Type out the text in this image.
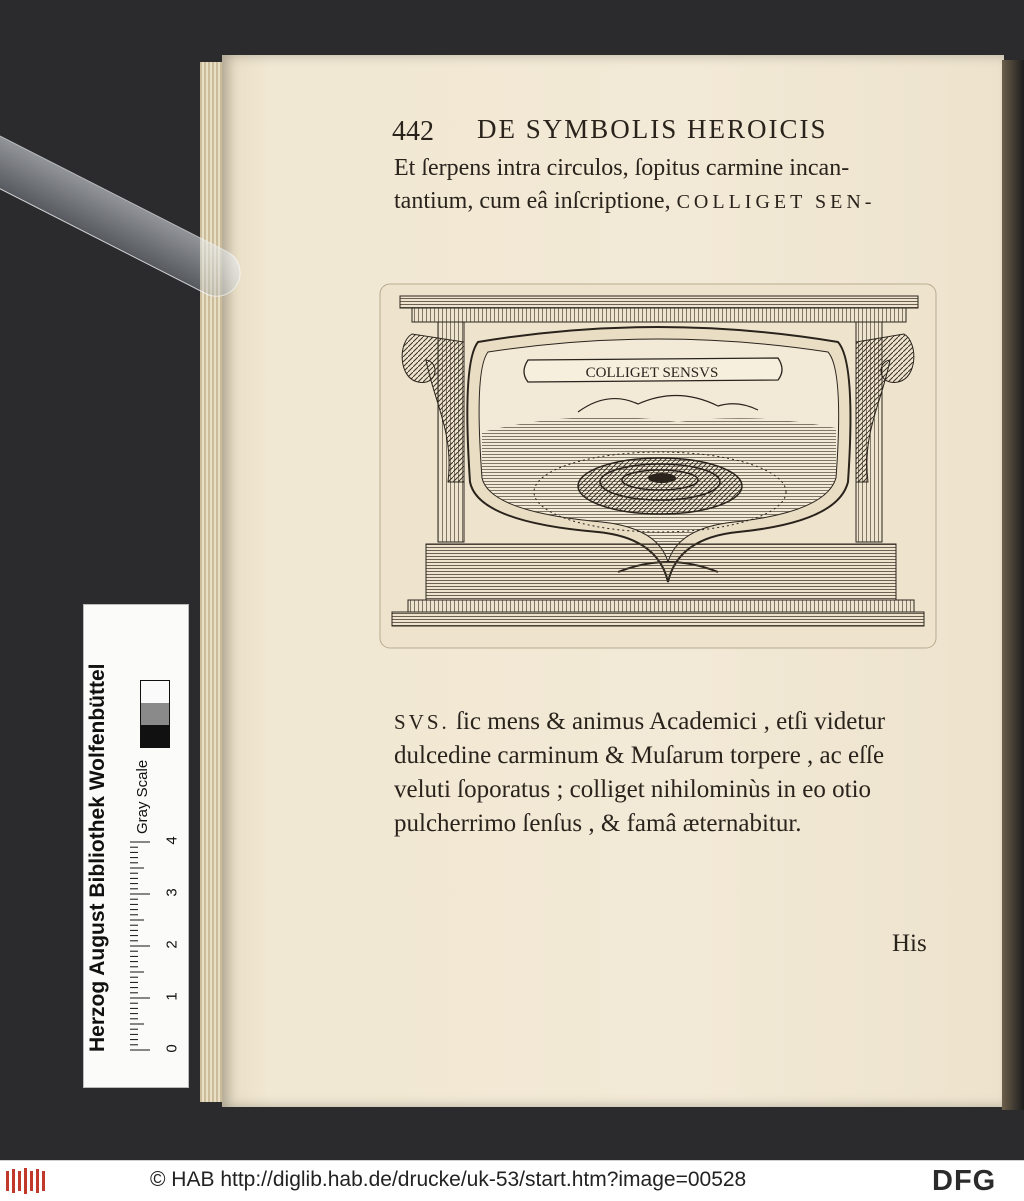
442 DE SYMBOLIS HEROICIS
Et ſerpens intra circulos, ſopitus carmine incan-
tantium, cum eâ inſcriptione, COLLIGET SEN-
COLLIGET SENSVS
SVS. ſic mens & animus Academici , etſi videtur
dulcedine carminum & Muſarum torpere , ac eſſe
veluti ſoporatus ; colliget nihilominùs in eo otio
pulcherrimo ſenſus , & famâ æternabitur.
His
Herzog August Bibliothek Wolfenbüttel	Gray Scale
0
1
2
3
4
© HAB http://diglib.hab.de/drucke/uk-53/start.htm?image=00528	DFG
